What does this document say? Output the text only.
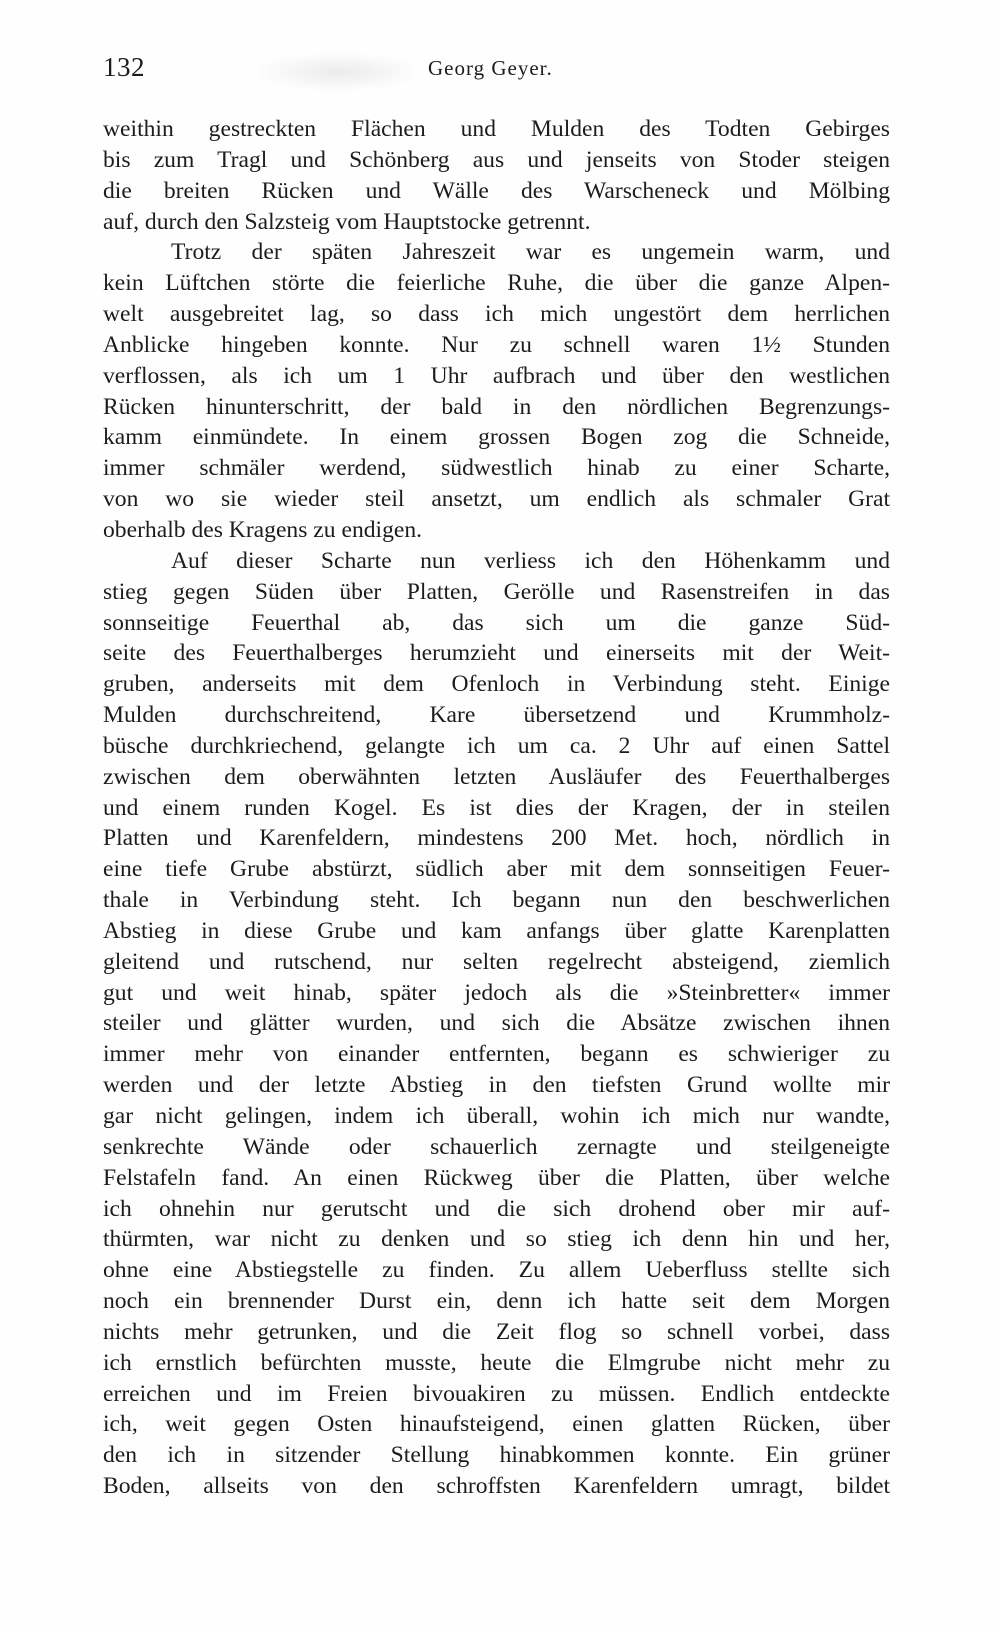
132	Georg Geyer.
weithin gestreckten Flächen und Mulden des Todten Gebirges
bis zum Tragl und Schönberg aus und jenseits von Stoder steigen
die breiten Rücken und Wälle des Warscheneck und Mölbing
auf, durch den Salzsteig vom Hauptstocke getrennt.
Trotz der späten Jahreszeit war es ungemein warm, und
kein Lüftchen störte die feierliche Ruhe, die über die ganze Alpen-
welt ausgebreitet lag, so dass ich mich ungestört dem herrlichen
Anblicke hingeben konnte. Nur zu schnell waren 1½ Stunden
verflossen, als ich um 1 Uhr aufbrach und über den westlichen
Rücken hinunterschritt, der bald in den nördlichen Begrenzungs-
kamm einmündete. In einem grossen Bogen zog die Schneide,
immer schmäler werdend, südwestlich hinab zu einer Scharte,
von wo sie wieder steil ansetzt, um endlich als schmaler Grat
oberhalb des Kragens zu endigen.
Auf dieser Scharte nun verliess ich den Höhenkamm und
stieg gegen Süden über Platten, Gerölle und Rasenstreifen in das
sonnseitige Feuerthal ab, das sich um die ganze Süd-
seite des Feuerthalberges herumzieht und einerseits mit der Weit-
gruben, anderseits mit dem Ofenloch in Verbindung steht. Einige
Mulden durchschreitend, Kare übersetzend und Krummholz-
büsche durchkriechend, gelangte ich um ca. 2 Uhr auf einen Sattel
zwischen dem oberwähnten letzten Ausläufer des Feuerthalberges
und einem runden Kogel. Es ist dies der Kragen, der in steilen
Platten und Karenfeldern, mindestens 200 Met. hoch, nördlich in
eine tiefe Grube abstürzt, südlich aber mit dem sonnseitigen Feuer-
thale in Verbindung steht. Ich begann nun den beschwerlichen
Abstieg in diese Grube und kam anfangs über glatte Karenplatten
gleitend und rutschend, nur selten regelrecht absteigend, ziemlich
gut und weit hinab, später jedoch als die »Steinbretter« immer
steiler und glätter wurden, und sich die Absätze zwischen ihnen
immer mehr von einander entfernten, begann es schwieriger zu
werden und der letzte Abstieg in den tiefsten Grund wollte mir
gar nicht gelingen, indem ich überall, wohin ich mich nur wandte,
senkrechte Wände oder schauerlich zernagte und steilgeneigte
Felstafeln fand. An einen Rückweg über die Platten, über welche
ich ohnehin nur gerutscht und die sich drohend ober mir auf-
thürmten, war nicht zu denken und so stieg ich denn hin und her,
ohne eine Abstiegstelle zu finden. Zu allem Ueberfluss stellte sich
noch ein brennender Durst ein, denn ich hatte seit dem Morgen
nichts mehr getrunken, und die Zeit flog so schnell vorbei, dass
ich ernstlich befürchten musste, heute die Elmgrube nicht mehr zu
erreichen und im Freien bivouakiren zu müssen. Endlich entdeckte
ich, weit gegen Osten hinaufsteigend, einen glatten Rücken, über
den ich in sitzender Stellung hinabkommen konnte. Ein grüner
Boden, allseits von den schroffsten Karenfeldern umragt, bildet
